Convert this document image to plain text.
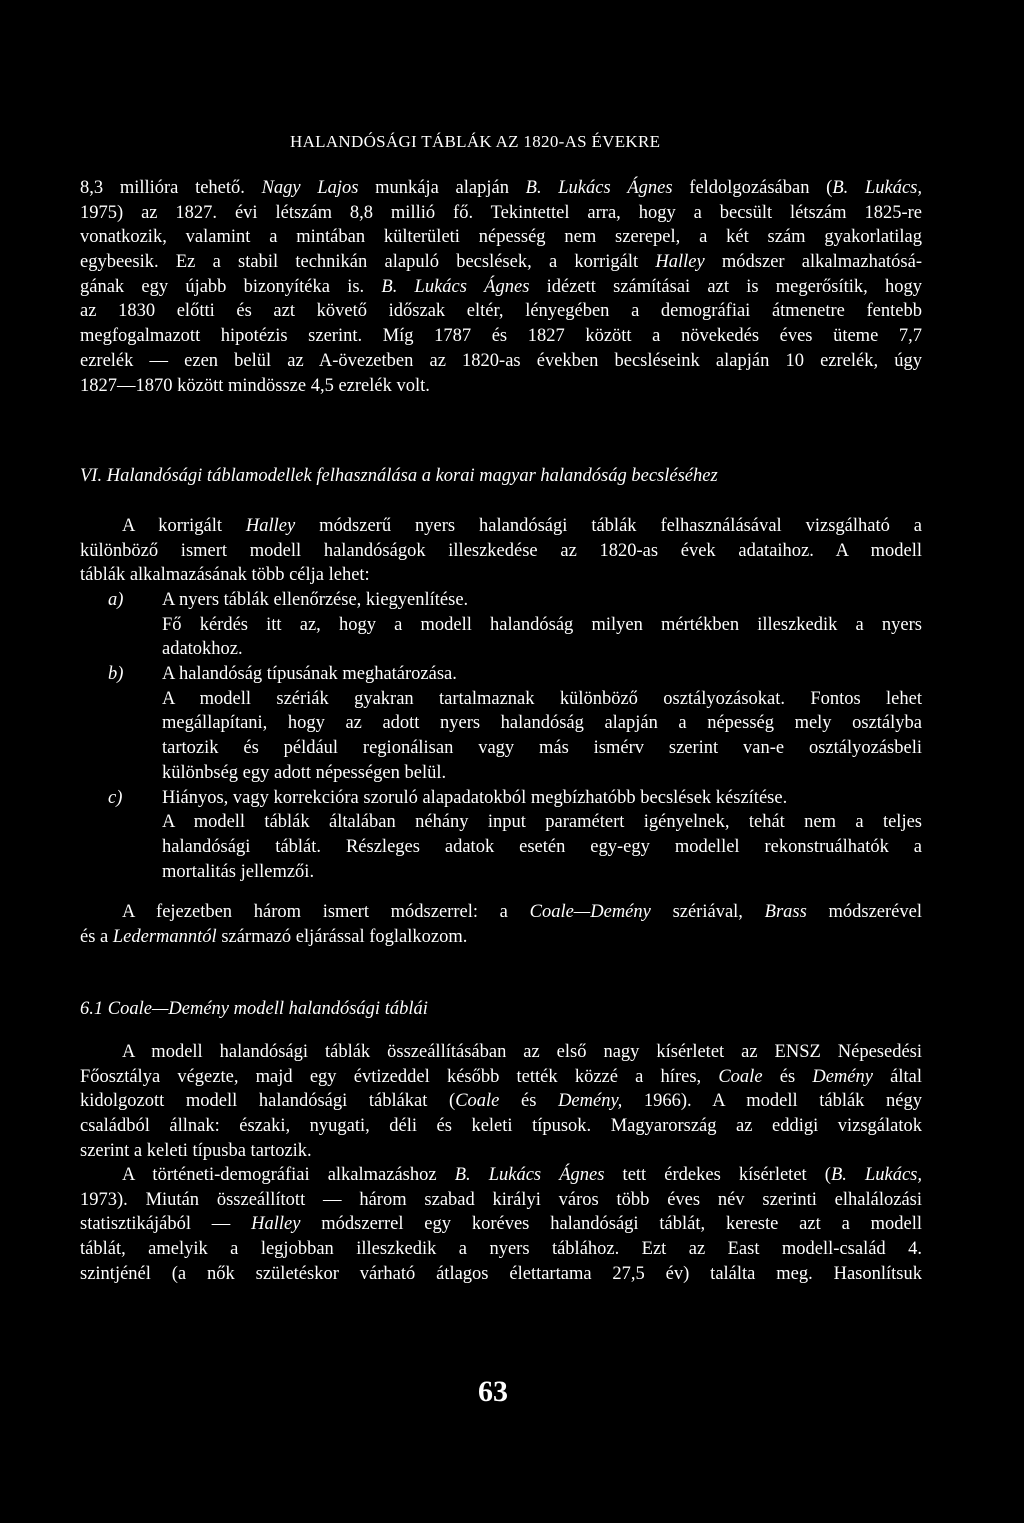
HALANDÓSÁGI TÁBLÁK AZ 1820-AS ÉVEKRE
8,3 millióra tehető. Nagy Lajos munkája alapján B. Lukács Ágnes feldolgozásában (B. Lukács,
1975) az 1827. évi létszám 8,8 millió fő. Tekintettel arra, hogy a becsült létszám 1825-re
vonatkozik, valamint a mintában külterületi népesség nem szerepel, a két szám gyakorlatilag
egybeesik. Ez a stabil technikán alapuló becslések, a korrigált Halley módszer alkalmazhatósá-
gának egy újabb bizonyítéka is. B. Lukács Ágnes idézett számításai azt is megerősítik, hogy
az 1830 előtti és azt követő időszak eltér, lényegében a demográfiai átmenetre fentebb
megfogalmazott hipotézis szerint. Míg 1787 és 1827 között a növekedés éves üteme 7,7
ezrelék — ezen belül az A-övezetben az 1820-as években becsléseink alapján 10 ezrelék, úgy
1827—1870 között mindössze 4,5 ezrelék volt.
VI. Halandósági táblamodellek felhasználása a korai magyar halandóság becsléséhez
A korrigált Halley módszerű nyers halandósági táblák felhasználásával vizsgálható a
különböző ismert modell halandóságok illeszkedése az 1820-as évek adataihoz. A modell
táblák alkalmazásának több célja lehet:
a)	A nyers táblák ellenőrzése, kiegyenlítése.
Fő kérdés itt az, hogy a modell halandóság milyen mértékben illeszkedik a nyers
adatokhoz.
b)	A halandóság típusának meghatározása.
A modell szériák gyakran tartalmaznak különböző osztályozásokat. Fontos lehet
megállapítani, hogy az adott nyers halandóság alapján a népesség mely osztályba
tartozik és például regionálisan vagy más ismérv szerint van-e osztályozásbeli
különbség egy adott népességen belül.
c)	Hiányos, vagy korrekcióra szoruló alapadatokból megbízhatóbb becslések készítése.
A modell táblák általában néhány input paramétert igényelnek, tehát nem a teljes
halandósági táblát. Részleges adatok esetén egy-egy modellel rekonstruálhatók a
mortalitás jellemzői.
A fejezetben három ismert módszerrel: a Coale—Demény szériával, Brass módszerével
és a Ledermanntól származó eljárással foglalkozom.
6.1 Coale—Demény modell halandósági táblái
A modell halandósági táblák összeállításában az első nagy kísérletet az ENSZ Népesedési
Főosztálya végezte, majd egy évtizeddel később tették közzé a híres, Coale és Demény által
kidolgozott modell halandósági táblákat (Coale és Demény, 1966). A modell táblák négy
családból állnak: északi, nyugati, déli és keleti típusok. Magyarország az eddigi vizsgálatok
szerint a keleti típusba tartozik.
A történeti-demográfiai alkalmazáshoz B. Lukács Ágnes tett érdekes kísérletet (B. Lukács,
1973). Miután összeállított — három szabad királyi város több éves név szerinti elhalálozási
statisztikájából — Halley módszerrel egy koréves halandósági táblát, kereste azt a modell
táblát, amelyik a legjobban illeszkedik a nyers táblához. Ezt az East modell-család 4.
szintjénél (a nők születéskor várható átlagos élettartama 27,5 év) találta meg. Hasonlítsuk
63
